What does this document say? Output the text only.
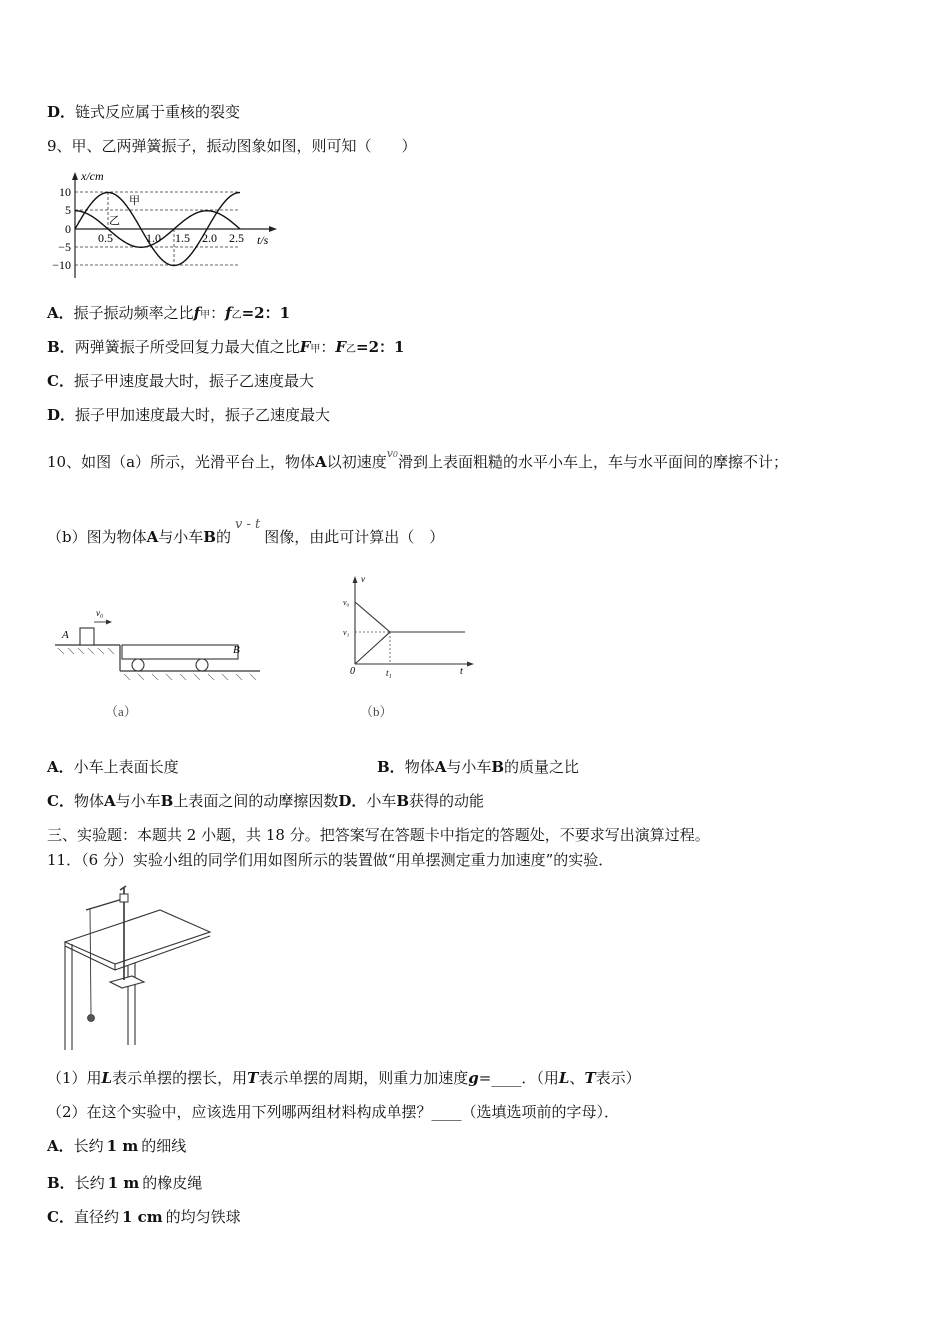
D．链式反应属于重核的裂变
9、甲、乙两弹簧振子，振动图象如图，则可知（　　）
x/cm
t/s
10
5
0
−5
−10
0.5	1.0 1.5 2.0 2.5
甲
乙
A．振子振动频率之比f甲：f乙=2：1
B．两弹簧振子所受回复力最大值之比F甲：F乙=2：1
C．振子甲速度最大时，振子乙速度最大
D．振子甲加速度最大时，振子乙速度最大
10、如图（a）所示，光滑平台上，物体A以初速度$^{v0}$滑到上表面粗糙的水平小车上，车与水平面间的摩擦不计；
（b）图为物体A与小车B的v - t图像，由此可计算出（　）
A
v₀
B
（a）
v
v₀
v₁
0	t₁	t
（b）
A．小车上表面长度	B．物体A与小车B的质量之比
C．物体A与小车B上表面之间的动摩擦因数D．小车B获得的动能
三、实验题：本题共 2 小题，共 18 分。把答案写在答题卡中指定的答题处，不要求写出演算过程。
11．（6 分）实验小组的同学们用如图所示的装置做“用单摆测定重力加速度”的实验．
（1）用L表示单摆的摆长，用T表示单摆的周期，则重力加速度g=____．（用L、T表示）
（2）在这个实验中，应该选用下列哪两组材料构成单摆？____（选填选项前的字母）．
A．长约 1 m 的细线
B．长约 1 m 的橡皮绳
C．直径约 1 cm 的均匀铁球
